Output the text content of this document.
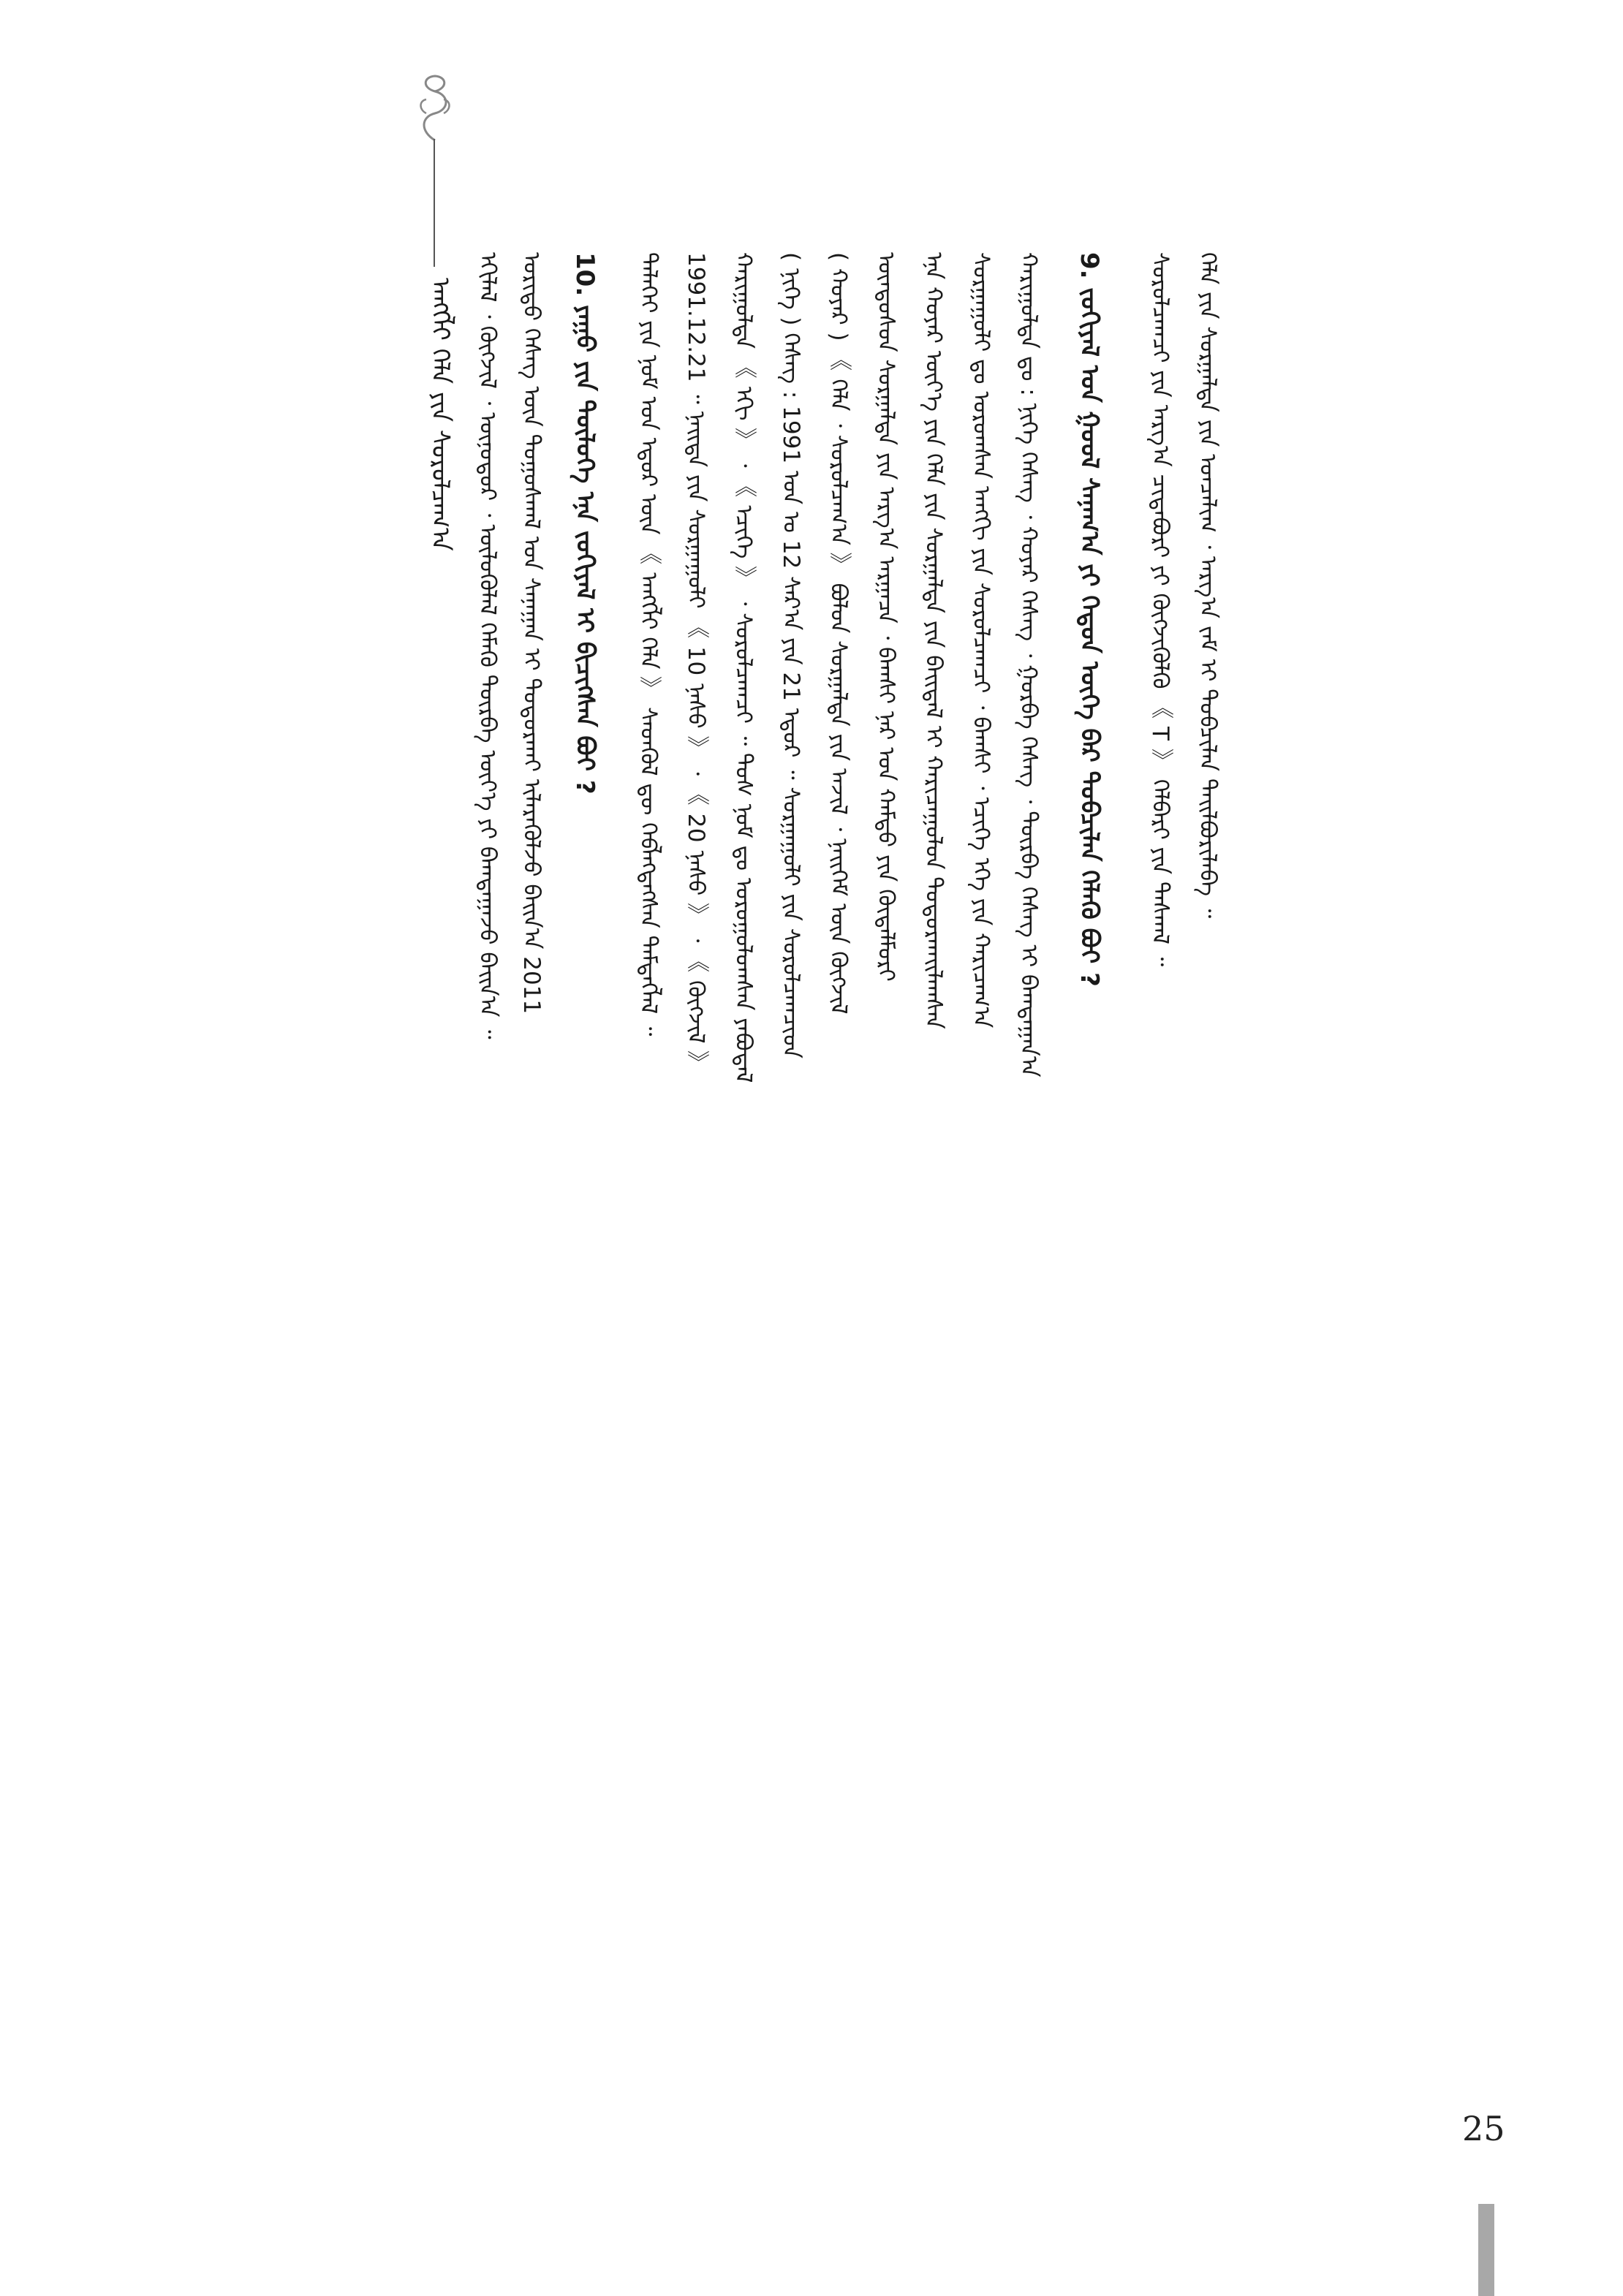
ᠠᠩᠭ᠌ᠯᠢ ᠬᠡᠯᠡ ᠶᠢᠨ ᠰᠤᠷᠤᠯᠴᠠᠭ᠎ᠠ ᠡᠬᠢᠯᠡᠯ ᠂ ᠬᠥᠭᠵᠢᠯ ᠂ ᠥᠨᠥᠳᠦᠷ ᠂ ᠦᠯᠦᠭᠦᠯᠡᠯ ᠬᠡᠮᠡᠬᠦ ᠳᠥᠷᠪᠡ ᠦᠶ᠎ᠡ ᠶᠢ ᠪᠠᠭᠳᠠᠭᠠᠵᠤ ᠪᠠᠢᠨ᠎ᠠ ᠃ ᠤᠷᠢᠳᠤ ᠬᠡᠰᠡᠭ ᠦᠨ ᠳᠤᠭᠤᠰᠬᠠᠯ ᠤᠨ ᠰᠠᠨᠠᠭᠠᠨ ᠢ ᠲᠣᠳᠤᠷᠬᠠᠢ ᠢᠯᠡᠷᠡᠭᠦᠯᠵᠦ ᠪᠠᠢᠨ᠎ᠠ 2011 10. ᠶᠠᠭᠤ ᠶᠢᠨ ᠲᠥᠯᠥᠭᠡ ᠡᠨᠡ ᠵᠣᠬᠢᠶᠠᠯ ᠢ ᠪᠢᠴᠢᠭᠰᠡᠨ ᠪᠤᠢ ?	ᠳᠡᠯᠡᠬᠡᠢ ᠶᠢᠨ ᠨᠣᠮ ᠤᠨ ᠡᠳᠦᠷ ᠦᠨ 《 ᠠᠩᠭ᠌ᠯᠢ ᠬᠡᠯᠡ 》 ᠰᠡᠳᠭᠦᠯ ᠳᠦ ᠬᠡᠪᠯᠡᠭᠳᠡᠭᠰᠡᠨ ᠲᠡᠮᠳᠡᠭᠯᠡᠯ ᠃ 1991.12.21 ᠃ ᠨᠡᠢᠲᠡ ᠶᠢᠨ ᠰᠤᠷᠭᠠᠭᠤᠯᠢ 《 10 ᠨᠠᠰᠤ 》 ᠂ 《 20 ᠨᠠᠰᠤ 》 ᠂ 《 ᠬᠥᠭᠵᠢᠯ 》 ᠬᠠᠷᠢᠭᠤᠯᠲᠠ 《 ᠡᠬᠢ 》 ᠂ 《 ᠡᠴᠢᠭᠡ 》 ᠂ ᠰᠤᠷᠤᠯᠴᠠᠭᠴᠢ ᠃ ᠲᠤᠰ ᠨᠣᠮ ᠳᠤ ᠣᠷᠤᠭᠤᠯᠤᠭᠰᠠᠨ ᠶᠠᠪᠤᠳᠠᠯ ( ᠨᠢᠭᠡ ) ᠬᠡᠰᠡᠭ : 1991 ᠣᠨ ᠤ 12 ᠰᠠᠷ᠎ᠠ ᠶᠢᠨ 21 ᠡᠳᠦᠷ ᠃ ᠰᠤᠷᠭᠠᠭᠤᠯᠢ ᠶᠢᠨ ᠰᠤᠷᠤᠯᠴᠠᠭᠴᠢᠳ ( ᠬᠣᠶᠠᠷ ) 《 ᠬᠡᠯᠡ ᠂ ᠰᠤᠷᠤᠯᠴᠠᠭ᠎ᠠ 》 ᠪᠤᠯᠤᠨ ᠰᠤᠷᠭᠠᠯᠲᠠ ᠶᠢᠨ ᠠᠵᠢᠯ ᠂ ᠨᠡᠢᠭᠡᠮ ᠦᠨ ᠬᠥᠭᠵᠢᠯ ᠦᠨᠳᠦᠰᠦᠨ ᠰᠤᠷᠭᠠᠯᠲᠠ ᠶᠢᠨ ᠠᠷᠭ᠎ᠠ ᠠᠷᠭᠠᠴᠠ ᠂ ᠪᠠᠭᠰᠢ ᠨᠠᠷ ᠤᠨ ᠬᠠᠮᠲᠤ ᠶᠢᠨ ᠬᠥᠳᠡᠯᠮᠦᠷᠢ ᠡᠨᠡ ᠬᠣᠶᠠᠷ ᠦᠶ᠎ᠡ ᠶᠢᠨ ᠬᠡᠯᠡ ᠶᠢᠨ ᠰᠤᠷᠭᠠᠯᠲᠠ ᠶᠢᠨ ᠪᠠᠢᠳᠠᠯ ᠢ ᠬᠠᠷᠢᠴᠠᠭᠤᠯᠤᠨ ᠲᠣᠳᠣᠷᠬᠠᠢᠯᠠᠭᠰᠠᠨ ᠰᠤᠷᠭᠠᠭᠤᠯᠢ ᠳᠤ ᠣᠷᠤᠭᠰᠠᠨ ᠠᠨᠭᠭᠢ ᠶᠢᠨ ᠰᠤᠷᠤᠯᠴᠠᠭᠴᠢ ᠂ ᠪᠠᠭᠰᠢ ᠂ ᠡᠴᠢᠭᠡ ᠡᠬᠡ ᠶᠢᠨ ᠬᠠᠷᠢᠴᠠᠭ᠎ᠠ ᠬᠠᠷᠢᠭᠤᠯᠲᠠ ᠳᠤ : ᠨᠢᠭᠡ ᠬᠡᠰᠡᠭ ᠂ ᠬᠣᠶᠠᠷ ᠬᠡᠰᠡᠭ ᠂ ᠭᠤᠷᠪᠠ ᠬᠡᠰᠡᠭ ᠂ ᠳᠥᠷᠪᠡ ᠬᠡᠰᠡᠭ ᠢ ᠪᠠᠭᠲᠠᠭᠠᠨ᠎ᠠ 9. ᠵᠣᠬᠢᠶᠠᠯ ᠤᠨ ᠭᠣᠣᠯ ᠰᠠᠨᠠᠭ᠎ᠠ ᠶᠢ ᠬᠡᠳᠦᠨ ᠦᠭᠡ ᠪᠡᠷ ᠲᠣᠪᠴᠢᠯᠠᠨ ᠬᠡᠯᠡᠬᠦ ᠪᠤᠢ ?	ᠰᠤᠷᠤᠯᠴᠠᠭᠴᠢ ᠶᠢᠨ ᠠᠷᠭ᠎ᠠ ᠴᠢᠳᠠᠪᠤᠷᠢ ᠶᠢ ᠬᠥᠭᠵᠢᠭᠦᠯᠬᠦ 《 T 》 ᠬᠡᠯᠪᠡᠷᠢ ᠶᠢᠨ ᠳᠠᠰᠭᠠᠯ ᠃ ᠬᠡᠯᠡ ᠶᠢᠨ ᠰᠤᠷᠭᠠᠯᠲᠠ ᠶᠢᠨ ᠤᠨᠴᠠᠯᠢᠭ ᠂ ᠠᠷᠭ᠎ᠠ ᠵᠠᠮ ᠢ ᠲᠣᠪᠴᠢᠯᠠᠨ ᠲᠠᠢᠯᠪᠤᠷᠢᠯᠠᠪᠠ ᠃
25
